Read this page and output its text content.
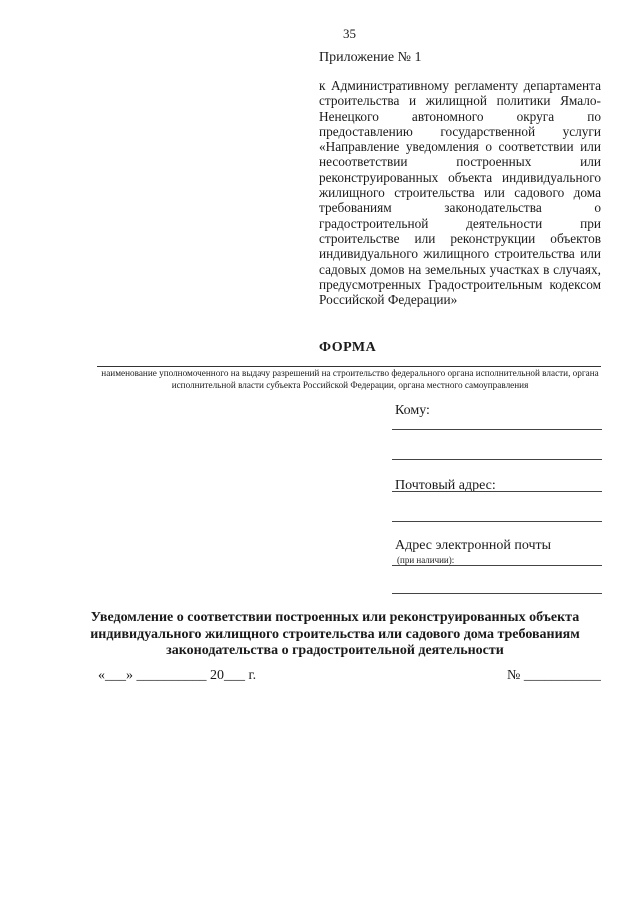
35
Приложение № 1
к Административному регламенту департамента строительства и жилищной политики Ямало-Ненецкого автономного округа по предоставлению государственной услуги «Направление уведомления о соответствии или несоответствии построенных или реконструированных объекта индивидуального жилищного строительства или садового дома требованиям законодательства о градостроительной деятельности при строительстве или реконструкции объектов индивидуального жилищного строительства или садовых домов на земельных участках в случаях, предусмотренных Градостроительным кодексом Российской Федерации»
ФОРМА
наименование уполномоченного на выдачу разрешений на строительство федерального органа исполнительной власти, органа исполнительной власти субъекта Российской Федерации, органа местного самоуправления
Кому:
Почтовый адрес:
Адрес электронной почты
(при наличии):
Уведомление о соответствии построенных или реконструированных объекта индивидуального жилищного строительства или садового дома требованиям законодательства о градостроительной деятельности
«___» __________ 20___ г.	№ ___________
